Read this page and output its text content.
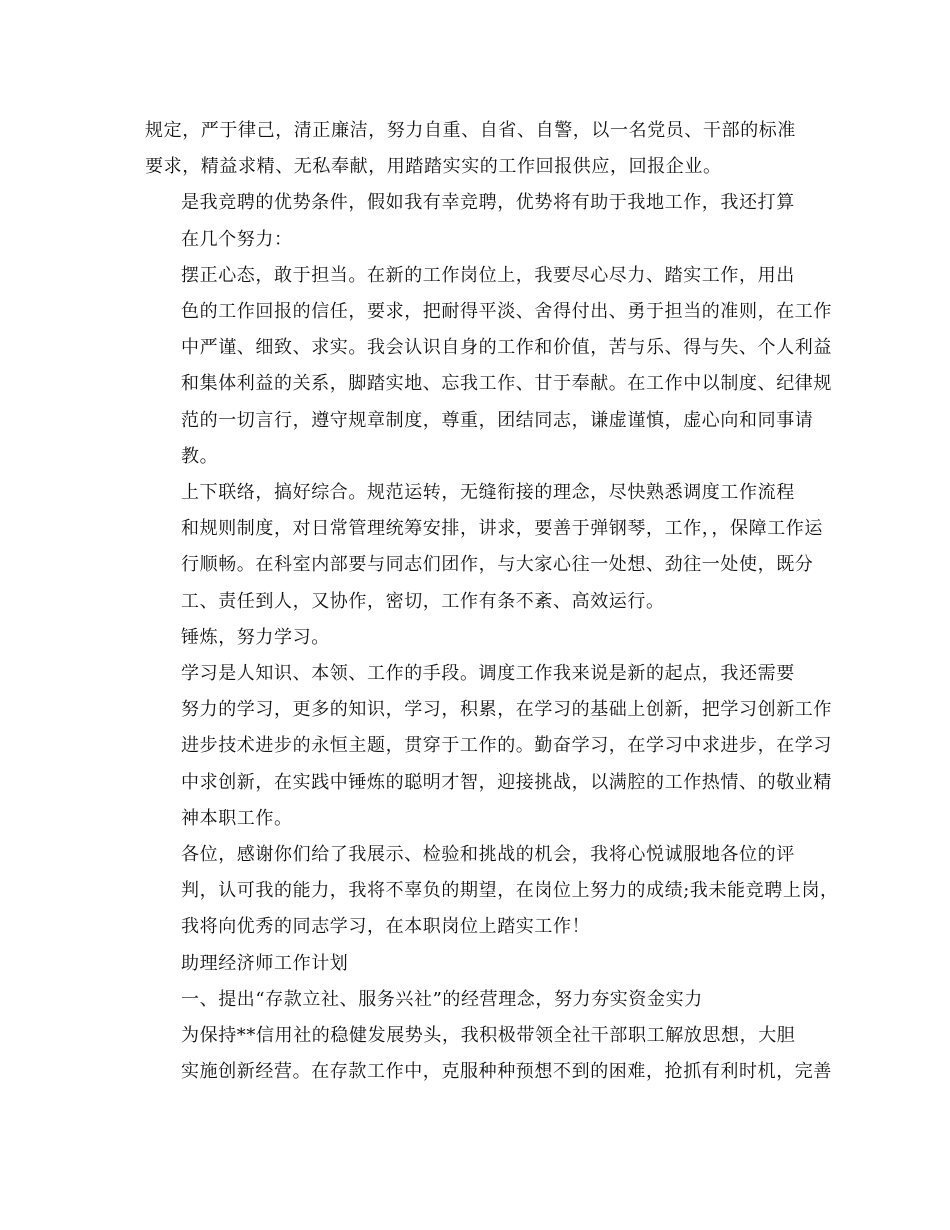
规定，严于律己，清正廉洁，努力自重、自省、自警，以一名党员、干部的标准
要求，精益求精、无私奉献，用踏踏实实的工作回报供应，回报企业。

是我竞聘的优势条件，假如我有幸竞聘，优势将有助于我地工作，我还打算
在几个努力：

摆正心态，敢于担当。在新的工作岗位上，我要尽心尽力、踏实工作，用出
色的工作回报的信任，要求，把耐得平淡、舍得付出、勇于担当的准则，在工作
中严谨、细致、求实。我会认识自身的工作和价值，苦与乐、得与失、个人利益
和集体利益的关系，脚踏实地、忘我工作、甘于奉献。在工作中以制度、纪律规
范的一切言行，遵守规章制度，尊重，团结同志，谦虚谨慎，虚心向和同事请
教。

上下联络，搞好综合。规范运转，无缝衔接的理念，尽快熟悉调度工作流程
和规则制度，对日常管理统筹安排，讲求，要善于弹钢琴，工作，，保障工作运
行顺畅。在科室内部要与同志们团作，与大家心往一处想、劲往一处使，既分
工、责任到人，又协作，密切，工作有条不紊、高效运行。

锤炼，努力学习。

学习是人知识、本领、工作的手段。调度工作我来说是新的起点，我还需要
努力的学习，更多的知识，学习，积累，在学习的基础上创新，把学习创新工作
进步技术进步的永恒主题，贯穿于工作的。勤奋学习，在学习中求进步，在学习
中求创新，在实践中锤炼的聪明才智，迎接挑战，以满腔的工作热情、的敬业精
神本职工作。

各位，感谢你们给了我展示、检验和挑战的机会，我将心悦诚服地各位的评
判，认可我的能力，我将不辜负的期望，在岗位上努力的成绩;我未能竞聘上岗，
我将向优秀的同志学习，在本职岗位上踏实工作！

助理经济师工作计划

一、提出“存款立社、服务兴社”的经营理念，努力夯实资金实力

为保持**信用社的稳健发展势头，我积极带领全社干部职工解放思想，大胆
实施创新经营。在存款工作中，克服种种预想不到的困难，抢抓有利时机，完善
